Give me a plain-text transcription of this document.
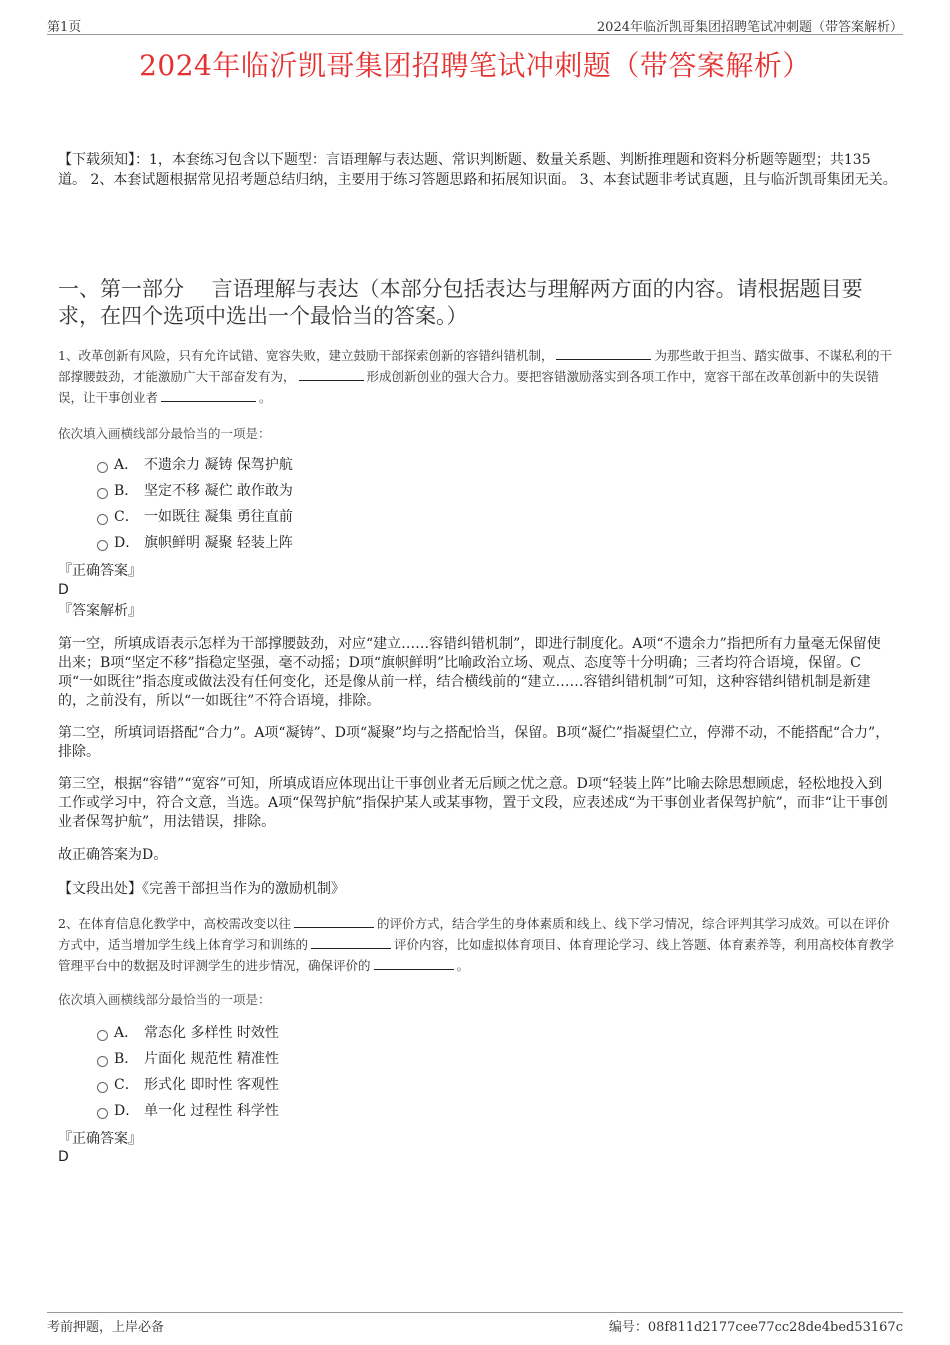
第1页	2024年临沂凯哥集团招聘笔试冲刺题（带答案解析）
2024年临沂凯哥集团招聘笔试冲刺题（带答案解析）
【下载须知】：1，本套练习包含以下题型：言语理解与表达题、常识判断题、数量关系题、判断推理题和资料分析题等题型；共135道。 2、本套试题根据常见招考题总结归纳，主要用于练习答题思路和拓展知识面。 3、本套试题非考试真题，且与临沂凯哥集团无关。
一、第一部分　 言语理解与表达（本部分包括表达与理解两方面的内容。请根据题目要求，在四个选项中选出一个最恰当的答案。）
1、改革创新有风险，只有允许试错、宽容失败，建立鼓励干部探索创新的容错纠错机制，	为那些敢于担当、踏实做事、不谋私利的干部撑腰鼓劲，才能激励广大干部奋发有为，	形成创新创业的强大合力。要把容错激励落实到各项工作中，宽容干部在改革创新中的失误错误，让干事创业者	。
依次填入画横线部分最恰当的一项是：
A． 不遗余力 凝铸 保驾护航
B． 坚定不移 凝伫 敢作敢为
C． 一如既往 凝集 勇往直前
D． 旗帜鲜明 凝聚 轻装上阵
『正确答案』
D
『答案解析』
第一空，所填成语表示怎样为干部撑腰鼓劲，对应“建立……容错纠错机制”，即进行制度化。A项“不遗余力”指把所有力量毫无保留使出来；B项“坚定不移”指稳定坚强，毫不动摇；D项“旗帜鲜明”比喻政治立场、观点、态度等十分明确；三者均符合语境，保留。C项“一如既往”指态度或做法没有任何变化，还是像从前一样，结合横线前的“建立……容错纠错机制”可知，这种容错纠错机制是新建的，之前没有，所以“一如既往”不符合语境，排除。
第二空，所填词语搭配“合力”。A项“凝铸”、D项“凝聚”均与之搭配恰当，保留。B项“凝伫”指凝望伫立，停滞不动，不能搭配“合力”，排除。
第三空，根据“容错”“宽容”可知，所填成语应体现出让干事创业者无后顾之忧之意。D项“轻装上阵”比喻去除思想顾虑，轻松地投入到工作或学习中，符合文意，当选。A项“保驾护航”指保护某人或某事物，置于文段，应表述成“为干事创业者保驾护航”，而非“让干事创业者保驾护航”，用法错误，排除。
故正确答案为D。
【文段出处】《完善干部担当作为的激励机制》
2、在体育信息化教学中，高校需改变以往	的评价方式，结合学生的身体素质和线上、线下学习情况，综合评判其学习成效。可以在评价方式中，适当增加学生线上体育学习和训练的	评价内容，比如虚拟体育项目、体育理论学习、线上答题、体育素养等，利用高校体育教学管理平台中的数据及时评测学生的进步情况，确保评价的	。
依次填入画横线部分最恰当的一项是：
A． 常态化 多样性 时效性
B． 片面化 规范性 精准性
C． 形式化 即时性 客观性
D． 单一化 过程性 科学性
『正确答案』
D
考前押题，上岸必备	编号：08f811d2177cee77cc28de4bed53167c
